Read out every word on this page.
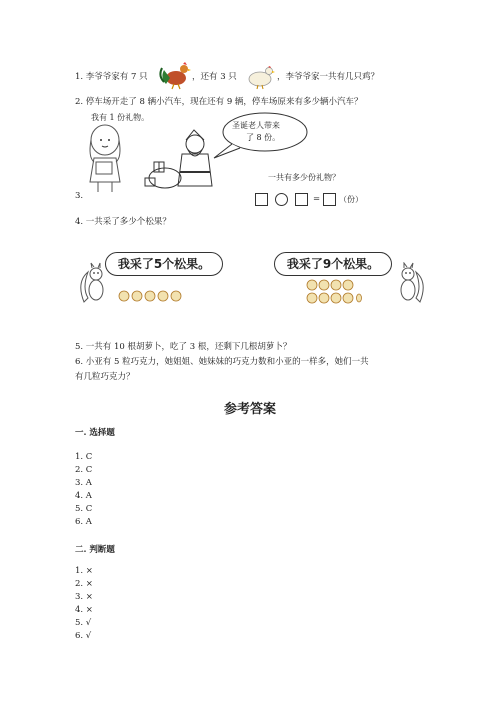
1. 李爷爷家有 7 只	，还有 3 只	，李爷爷家一共有几只鸡？
2. 停车场开走了 8 辆小汽车，现在还有 9 辆，停车场原来有多少辆小汽车？
我有 1 份礼物。
圣诞老人带来
了 8 份。
一共有多少份礼物？
3.	= （份）
4. 一共采了多少个松果？
我采了5个松果。	我采了9个松果。
5. 一共有 10 根胡萝卜，吃了 3 根，还剩下几根胡萝卜？
6. 小亚有 5 粒巧克力，她姐姐、她妹妹的巧克力数和小亚的一样多，她们一共
有几粒巧克力？
参考答案
一. 选择题
1. C
2. C
3. A
4. A
5. C
6. A
二. 判断题
1. ×
2. ×
3. ×
4. ×
5. √
6. √
